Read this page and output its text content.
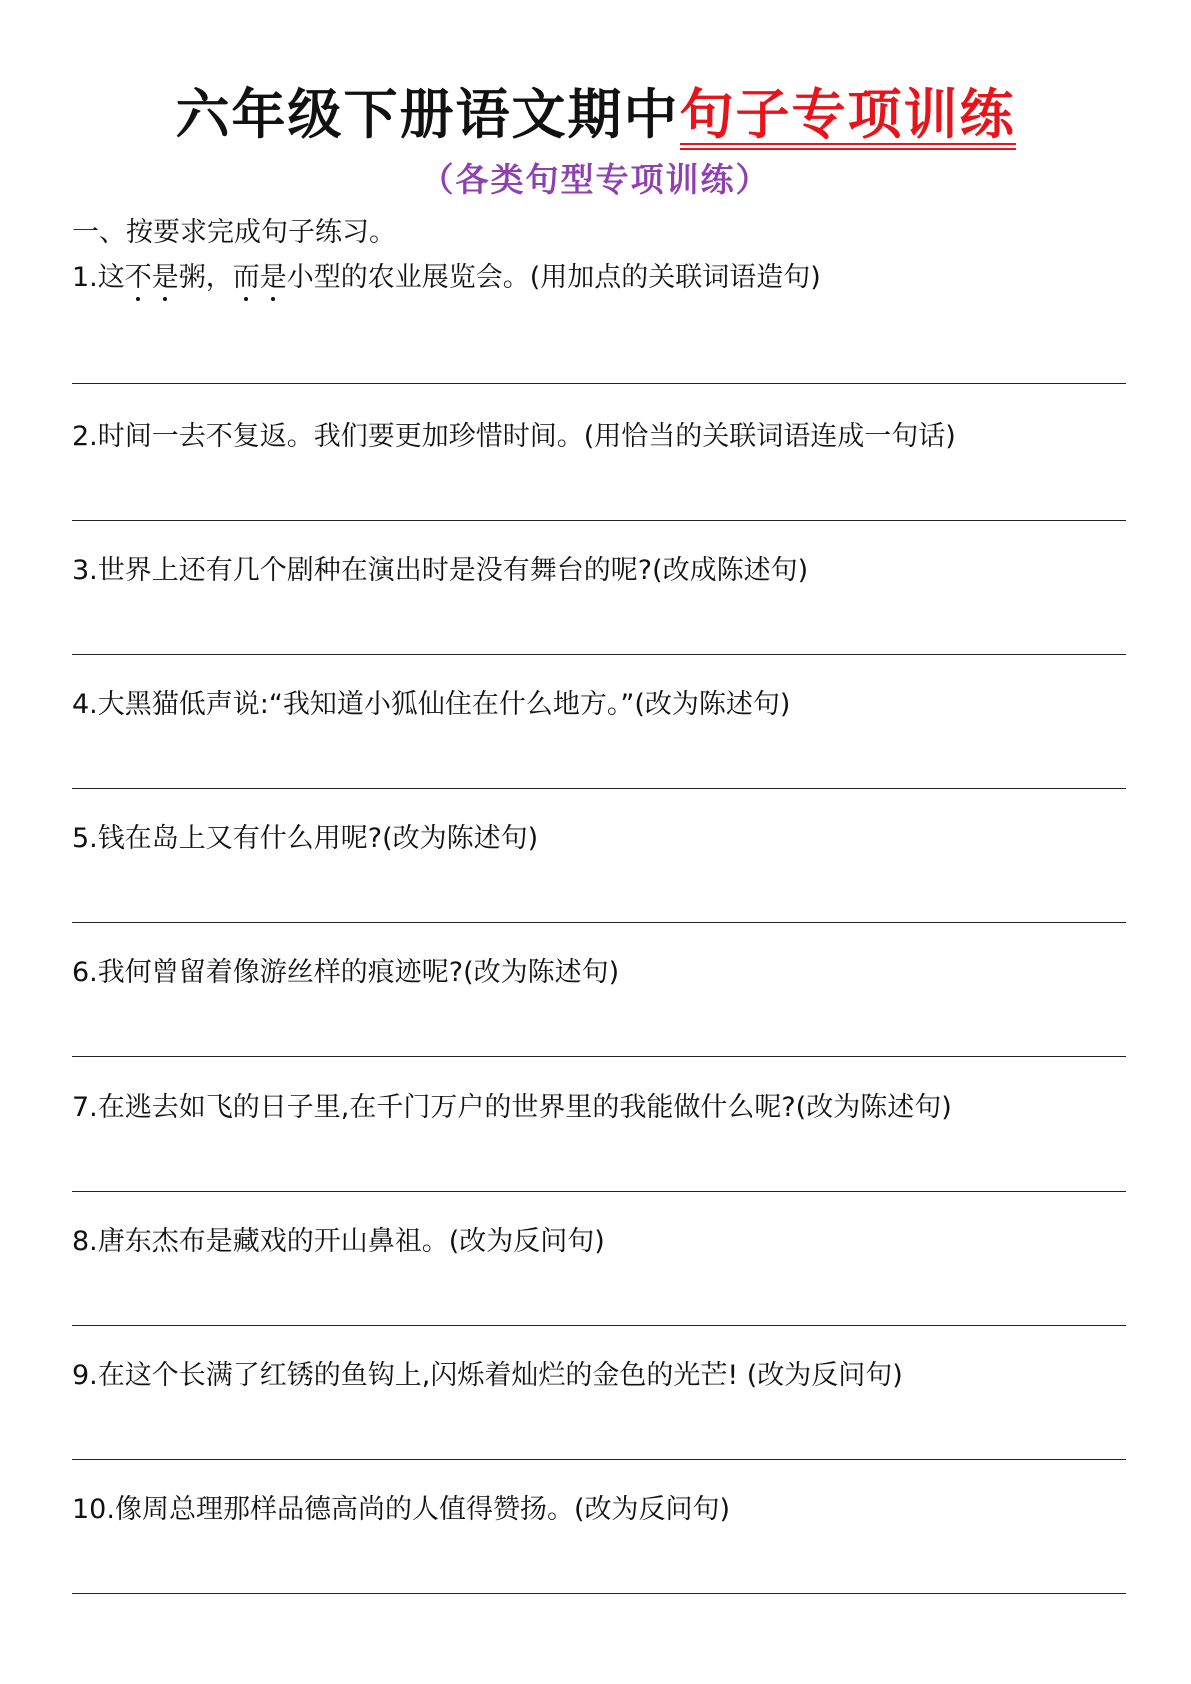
六年级下册语文期中句子专项训练
（各类句型专项训练）
一、按要求完成句子练习。
1.这不是粥，而是小型的农业展览会。(用加点的关联词语造句)
2.时间一去不复返。我们要更加珍惜时间。(用恰当的关联词语连成一句话)
3.世界上还有几个剧种在演出时是没有舞台的呢?(改成陈述句)
4.大黑猫低声说:“我知道小狐仙住在什么地方。”(改为陈述句)
5.钱在岛上又有什么用呢?(改为陈述句)
6.我何曾留着像游丝样的痕迹呢?(改为陈述句)
7.在逃去如飞的日子里,在千门万户的世界里的我能做什么呢?(改为陈述句)
8.唐东杰布是藏戏的开山鼻祖。(改为反问句)
9.在这个长满了红锈的鱼钩上,闪烁着灿烂的金色的光芒! (改为反问句)
10.像周总理那样品德高尚的人值得赞扬。(改为反问句)
